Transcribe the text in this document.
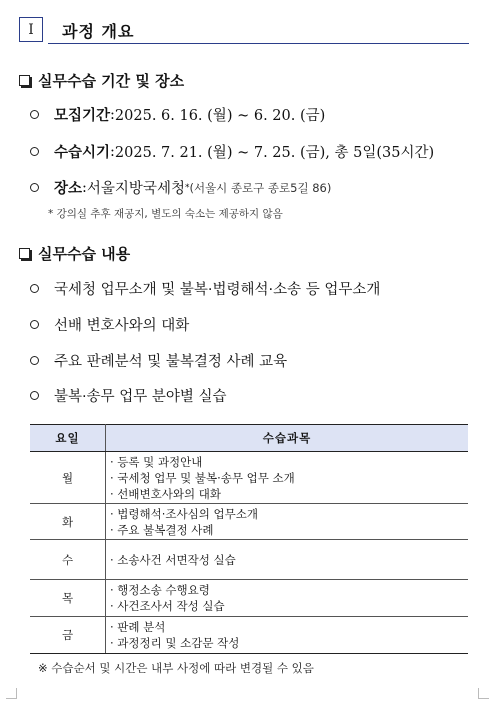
I 과정 개요
실무수습 기간 및 장소
모집기간 : 2025. 6. 16. (월) ~ 6. 20. (금)
수습시기 : 2025. 7. 21. (월) ~ 7. 25. (금), 총 5일(35시간)
장소 : 서울지방국세청 * (서울시 종로구 종로5길 86)
* 강의실 추후 재공지, 별도의 숙소는 제공하지 않음
실무수습 내용
국세청 업무소개 및 불복·법령해석·소송 등 업무소개
선배 변호사와의 대화
주요 판례분석 및 불복결정 사례 교육
불복·송무 업무 분야별 실습
요일	수습과목
월	· 등록 및 과정안내
· 국세청 업무 및 불복·송무 업무 소개
· 선배변호사와의 대화

화	· 법령해석·조사심의 업무소개
· 주요 불복결정 사례

수	· 소송사건 서면작성 실습

목	· 행정소송 수행요령
· 사건조사서 작성 실습

금	· 판례 분석
· 과정정리 및 소감문 작성
※ 수습순서 및 시간은 내부 사정에 따라 변경될 수 있음
